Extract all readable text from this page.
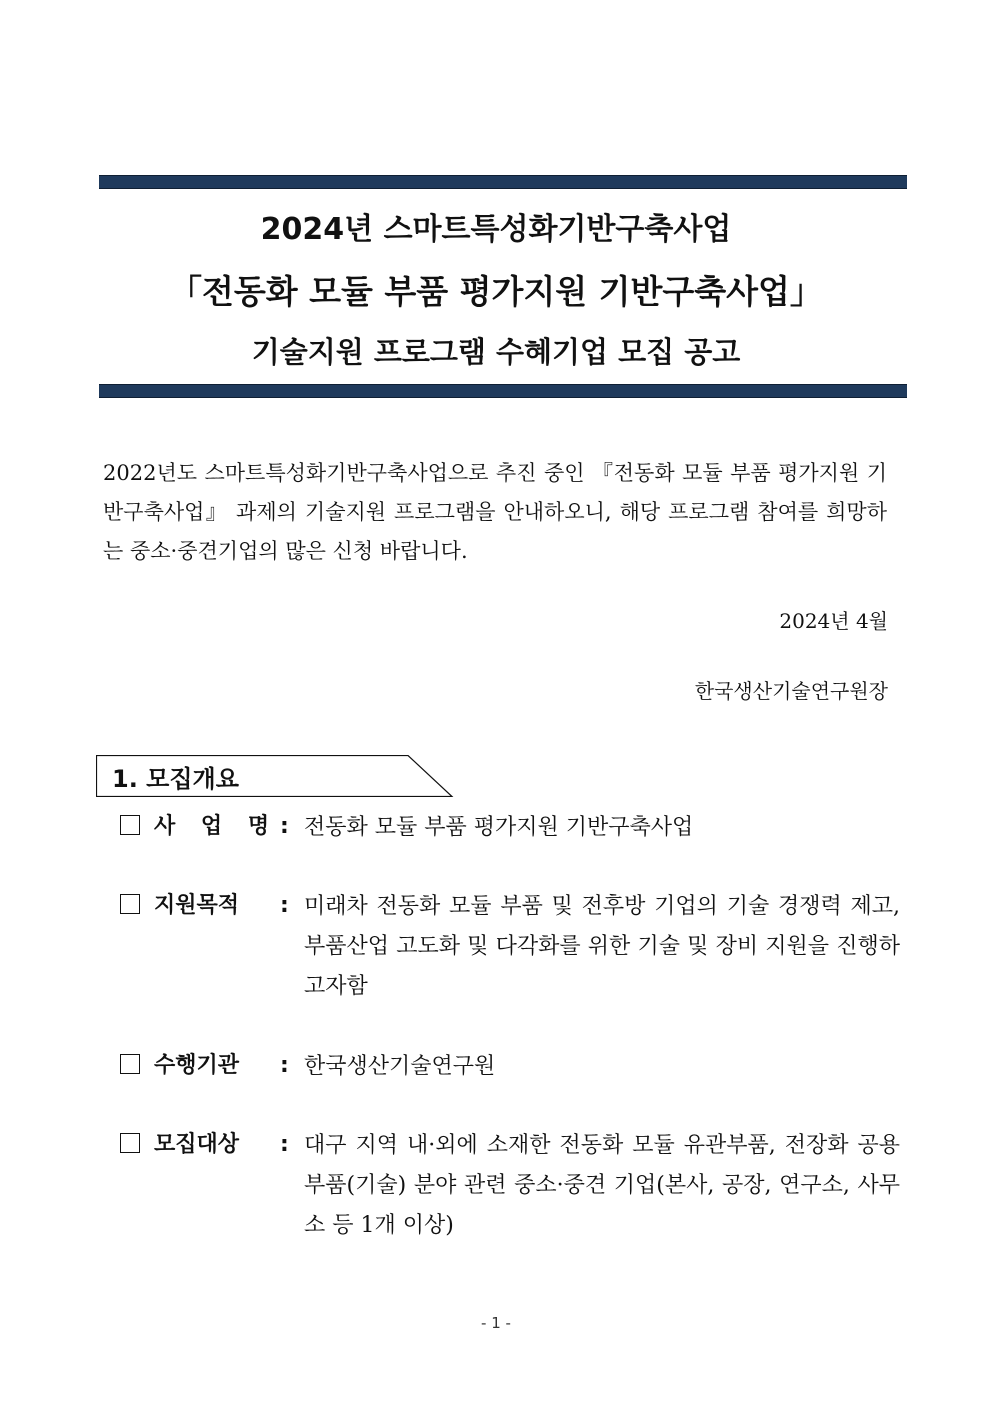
2024년 스마트특성화기반구축사업
「전동화 모듈 부품 평가지원 기반구축사업」
기술지원 프로그램 수혜기업 모집 공고
2022년도 스마트특성화기반구축사업으로 추진 중인 『전동화 모듈 부품 평가지원 기반구축사업』 과제의 기술지원 프로그램을 안내하오니, 해당 프로그램 참여를 희망하는 중소·중견기업의 많은 신청 바랍니다.
2024년 4월
한국생산기술연구원장
1. 모집개요
사 업 명 : 전동화 모듈 부품 평가지원 기반구축사업
지원목적	: 미래차 전동화 모듈 부품 및 전후방 기업의 기술 경쟁력 제고, 부품산업 고도화 및 다각화를 위한 기술 및 장비 지원을 진행하고자함
수행기관	: 한국생산기술연구원
모집대상	: 대구 지역 내·외에 소재한 전동화 모듈 유관부품, 전장화 공용부품(기술) 분야 관련 중소·중견 기업(본사, 공장, 연구소, 사무소 등 1개 이상)
- 1 -
